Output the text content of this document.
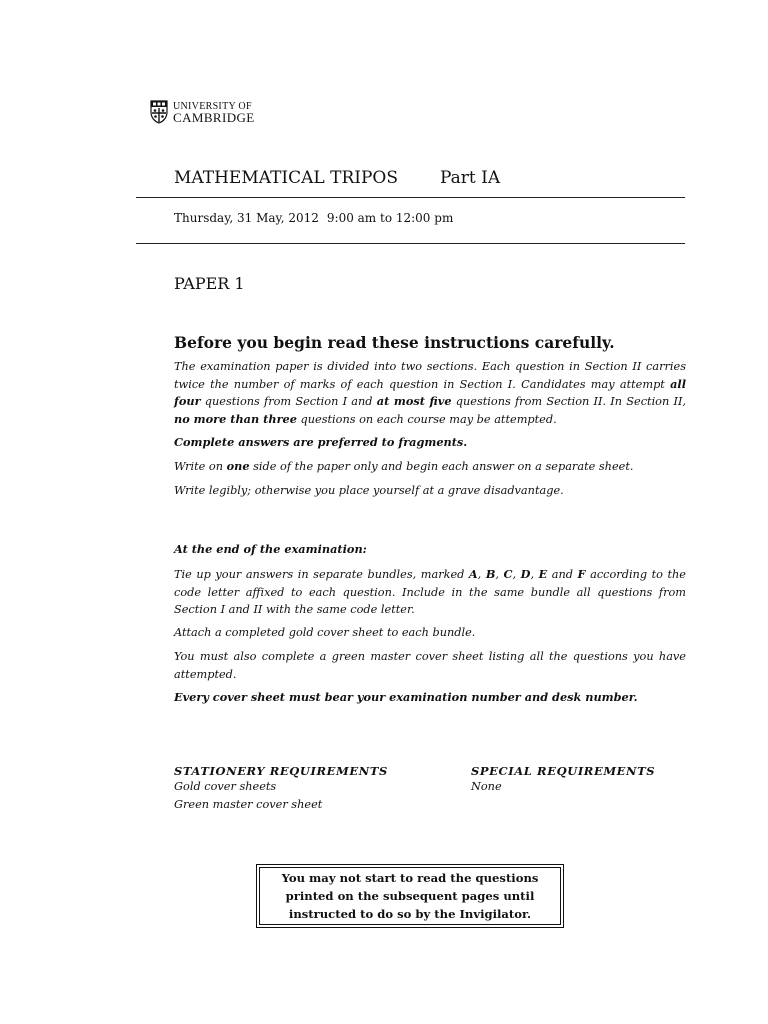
UNIVERSITY OF
CAMBRIDGE
MATHEMATICAL TRIPOS Part IA
Thursday, 31 May, 2012 9:00 am to 12:00 pm
PAPER 1
Before you begin read these instructions carefully.
The examination paper is divided into two sections. Each question in Section II carries twice the number of marks of each question in Section I. Candidates may attempt all four questions from Section I and at most five questions from Section II. In Section II, no more than three questions on each course may be attempted.
Complete answers are preferred to fragments.
Write on one side of the paper only and begin each answer on a separate sheet.
Write legibly; otherwise you place yourself at a grave disadvantage.
At the end of the examination:
Tie up your answers in separate bundles, marked A, B, C, D, E and F according to the code letter affixed to each question. Include in the same bundle all questions from Section I and II with the same code letter.
Attach a completed gold cover sheet to each bundle.
You must also complete a green master cover sheet listing all the questions you have attempted.
Every cover sheet must bear your examination number and desk number.
STATIONERY REQUIREMENTS
Gold cover sheets
Green master cover sheet
SPECIAL REQUIREMENTS
None
You may not start to read the questions
printed on the subsequent pages until
instructed to do so by the Invigilator.
